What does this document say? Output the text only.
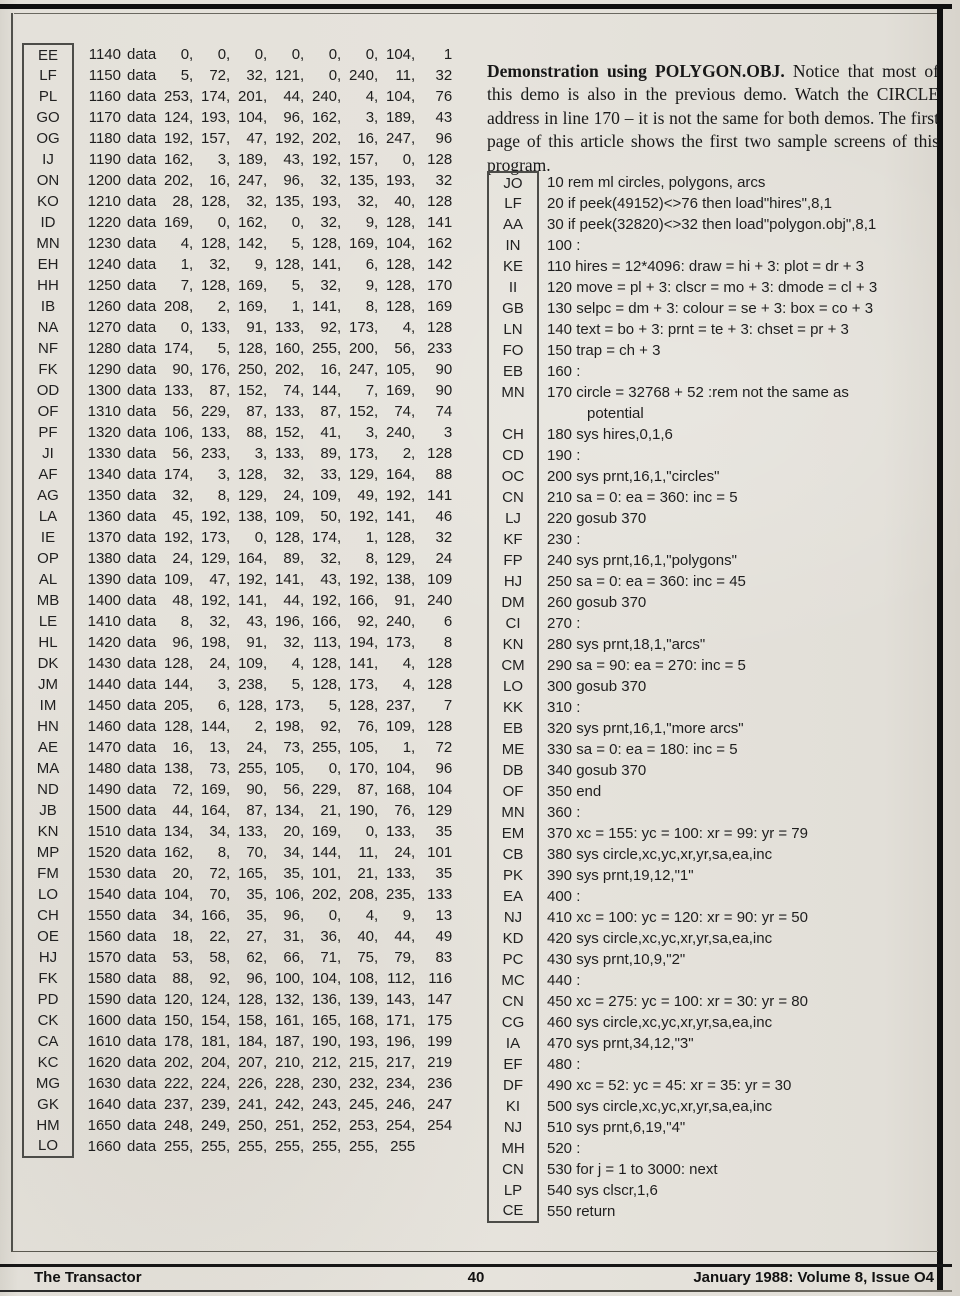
EE	1140 data	0,	0,	0,	0,	0,	0, 104,	1
LF	1150 data	5,	72,	32, 121,	0, 240,	11,	32
PL	1160 data 253, 174, 201,	44, 240,	4, 104,	76
GO	1170 data 124, 193, 104,	96, 162,	3, 189,	43
OG	1180 data 192, 157,	47, 192, 202,	16, 247,	96
IJ	1190 data 162,	3, 189,	43, 192, 157,	0, 128
ON	1200 data 202,	16, 247,	96,	32, 135, 193,	32
KO	1210 data	28, 128,	32, 135, 193,	32,	40, 128
ID	1220 data 169,	0, 162,	0,	32,	9, 128, 141
MN	1230 data	4, 128, 142,	5, 128, 169, 104, 162
EH	1240 data	1,	32,	9, 128, 141,	6, 128, 142
HH	1250 data	7, 128, 169,	5,	32,	9, 128, 170
IB	1260 data 208,	2, 169,	1, 141,	8, 128, 169
NA	1270 data	0, 133,	91, 133,	92, 173,	4, 128
NF	1280 data 174,	5, 128, 160, 255, 200,	56, 233
FK	1290 data	90, 176, 250, 202,	16, 247, 105,	90
OD	1300 data 133,	87, 152,	74, 144,	7, 169,	90
OF	1310 data	56, 229,	87, 133,	87, 152,	74,	74
PF	1320 data 106, 133,	88, 152,	41,	3, 240,	3
JI	1330 data	56, 233,	3, 133,	89, 173,	2, 128
AF	1340 data 174,	3, 128,	32,	33, 129, 164,	88
AG	1350 data	32,	8, 129,	24, 109,	49, 192, 141
LA	1360 data	45, 192, 138, 109,	50, 192, 141,	46
IE	1370 data 192, 173,	0, 128, 174,	1, 128,	32
OP	1380 data	24, 129, 164,	89,	32,	8, 129,	24
AL	1390 data 109,	47, 192, 141,	43, 192, 138, 109
MB	1400 data	48, 192, 141,	44, 192, 166,	91, 240
LE	1410 data	8,	32,	43, 196, 166,	92, 240,	6
HL	1420 data	96, 198,	91,	32, 113, 194, 173,	8
DK	1430 data 128,	24, 109,	4, 128, 141,	4, 128
JM	1440 data 144,	3, 238,	5, 128, 173,	4, 128
IM	1450 data 205,	6, 128, 173,	5, 128, 237,	7
HN	1460 data 128, 144,	2, 198,	92,	76, 109, 128
AE	1470 data	16,	13,	24,	73, 255, 105,	1,	72
MA	1480 data 138,	73, 255, 105,	0, 170, 104,	96
ND	1490 data	72, 169,	90,	56, 229,	87, 168, 104
JB	1500 data	44, 164,	87, 134,	21, 190,	76, 129
KN	1510 data 134,	34, 133,	20, 169,	0, 133,	35
MP	1520 data 162,	8,	70,	34, 144,	11,	24, 101
FM	1530 data	20,	72, 165,	35, 101,	21, 133,	35
LO	1540 data 104,	70,	35, 106, 202, 208, 235, 133
CH	1550 data	34, 166,	35,	96,	0,	4,	9,	13
OE	1560 data	18,	22,	27,	31,	36,	40,	44,	49
HJ	1570 data	53,	58,	62,	66,	71,	75,	79,	83
FK	1580 data	88,	92,	96, 100, 104, 108, 112, 116
PD	1590 data 120, 124, 128, 132, 136, 139, 143, 147
CK	1600 data 150, 154, 158, 161, 165, 168, 171, 175
CA	1610 data 178, 181, 184, 187, 190, 193, 196, 199
KC	1620 data 202, 204, 207, 210, 212, 215, 217, 219
MG	1630 data 222, 224, 226, 228, 230, 232, 234, 236
GK	1640 data 237, 239, 241, 242, 243, 245, 246, 247
HM	1650 data 248, 249, 250, 251, 252, 253, 254, 254
LO	1660 data 255, 255, 255, 255, 255, 255, 255

Demonstration using POLYGON.OBJ. Notice that most of this demo is also in the previous demo. Watch the CIRCLE address in line 170 – it is not the same for both demos. The first page of this article shows the first two sample screens of this program.

JO	10 rem ml circles, polygons, arcs
LF	20 if peek(49152)<>76 then load"hires",8,1
AA	30 if peek(32820)<>32 then load"polygon.obj",8,1
IN	100 :
KE	110 hires = 12*4096: draw = hi + 3: plot = dr + 3
II	120 move = pl + 3: clscr = mo + 3: dmode = cl + 3
GB	130 selpc = dm + 3: colour = se + 3: box = co + 3
LN	140 text = bo + 3: prnt = te + 3: chset = pr + 3
FO	150 trap = ch + 3
EB	160 :
MN	170 circle = 32768 + 52 :rem not the same as
potential
CH	180 sys hires,0,1,6
CD	190 :
OC	200 sys prnt,16,1,"circles"
CN	210 sa = 0: ea = 360: inc = 5
LJ	220 gosub 370
KF	230 :
FP	240 sys prnt,16,1,"polygons"
HJ	250 sa = 0: ea = 360: inc = 45
DM	260 gosub 370
CI	270 :
KN	280 sys prnt,18,1,"arcs"
CM	290 sa = 90: ea = 270: inc = 5
LO	300 gosub 370
KK	310 :
EB	320 sys prnt,16,1,"more arcs"
ME	330 sa = 0: ea = 180: inc = 5
DB	340 gosub 370
OF	350 end
MN	360 :
EM	370 xc = 155: yc = 100: xr = 99: yr = 79
CB	380 sys circle,xc,yc,xr,yr,sa,ea,inc
PK	390 sys prnt,19,12,"1"
EA	400 :
NJ	410 xc = 100: yc = 120: xr = 90: yr = 50
KD	420 sys circle,xc,yc,xr,yr,sa,ea,inc
PC	430 sys prnt,10,9,"2"
MC	440 :
CN	450 xc = 275: yc = 100: xr = 30: yr = 80
CG	460 sys circle,xc,yc,xr,yr,sa,ea,inc
IA	470 sys prnt,34,12,"3"
EF	480 :
DF	490 xc = 52: yc = 45: xr = 35: yr = 30
KI	500 sys circle,xc,yc,xr,yr,sa,ea,inc
NJ	510 sys prnt,6,19,"4"
MH	520 :
CN	530 for j = 1 to 3000: next
LP	540 sys clscr,1,6
CE	550 return
The Transactor	40	January 1988: Volume 8, Issue O4
